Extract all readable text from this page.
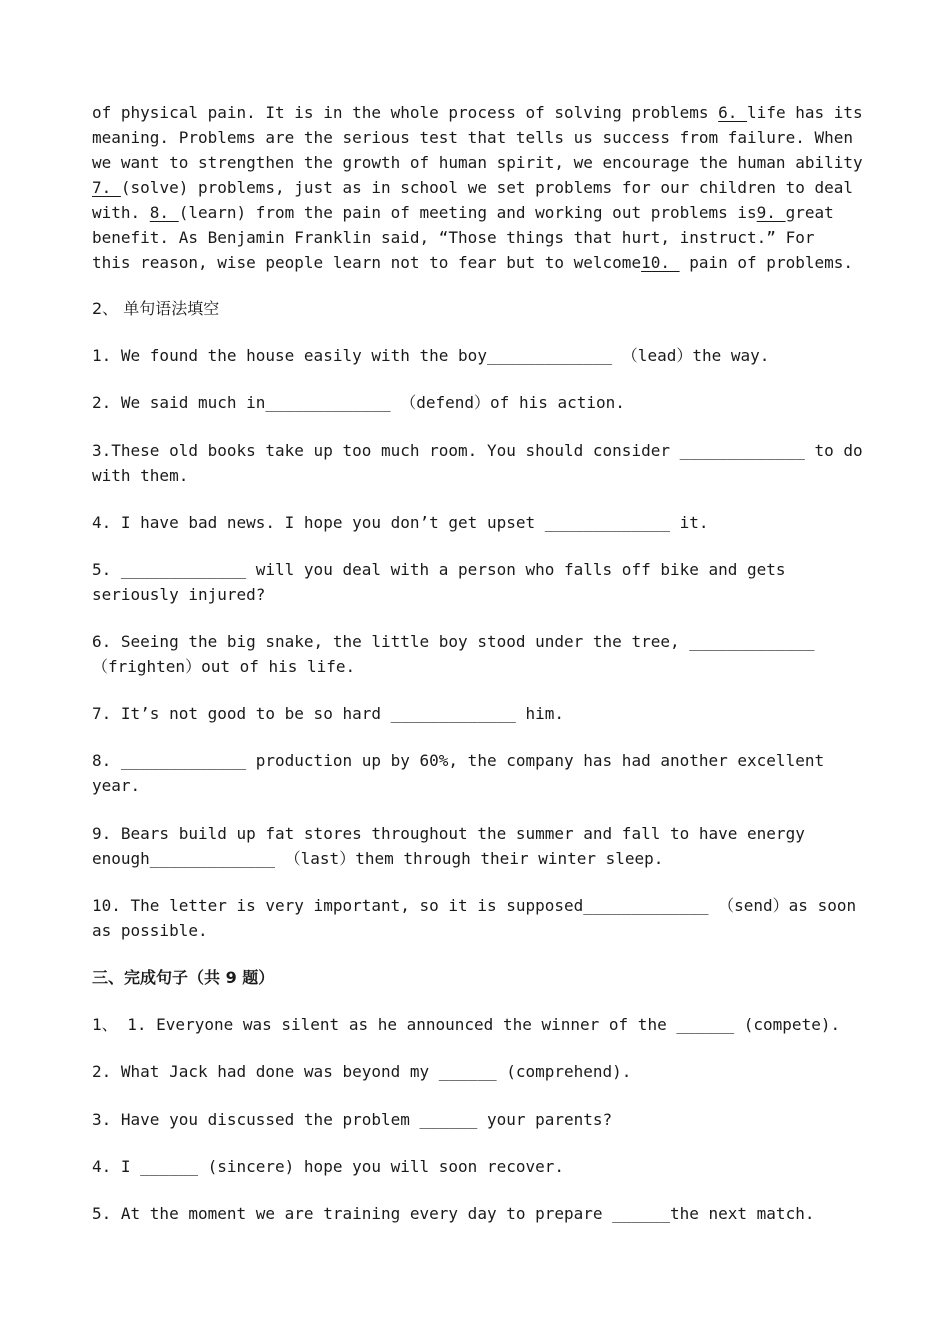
of physical pain. It is in the whole process of solving problems 6. life has its
meaning. Problems are the serious test that tells us success from failure. When
we want to strengthen the growth of human spirit, we encourage the human ability
7. (solve) problems, just as in school we set problems for our children to deal
with. 8. (learn) from the pain of meeting and working out problems is9. great
benefit. As Benjamin Franklin said, “Those things that hurt, instruct.” For
this reason, wise people learn not to fear but to welcome10.  pain of problems.
2、 单句语法填空
1. We found the house easily with the boy_____________ （lead）the way.
2. We said much in_____________ （defend）of his action.
3.These old books take up too much room. You should consider _____________ to do
with them.
4. I have bad news. I hope you don’t get upset _____________ it.
5. _____________ will you deal with a person who falls off bike and gets
seriously injured?
6. Seeing the big snake, the little boy stood under the tree, _____________
（frighten）out of his life.
7. It’s not good to be so hard _____________ him.
8. _____________ production up by 60%, the company has had another excellent
year.
9. Bears build up fat stores throughout the summer and fall to have energy
enough_____________ （last）them through their winter sleep.
10. The letter is very important, so it is supposed_____________ （send）as soon
as possible.
三、完成句子（共 9 题）
1、 1. Everyone was silent as he announced the winner of the ______ (compete).
2. What Jack had done was beyond my ______ (comprehend).
3. Have you discussed the problem ______ your parents?
4. I ______ (sincere) hope you will soon recover.
5. At the moment we are training every day to prepare ______the next match.
